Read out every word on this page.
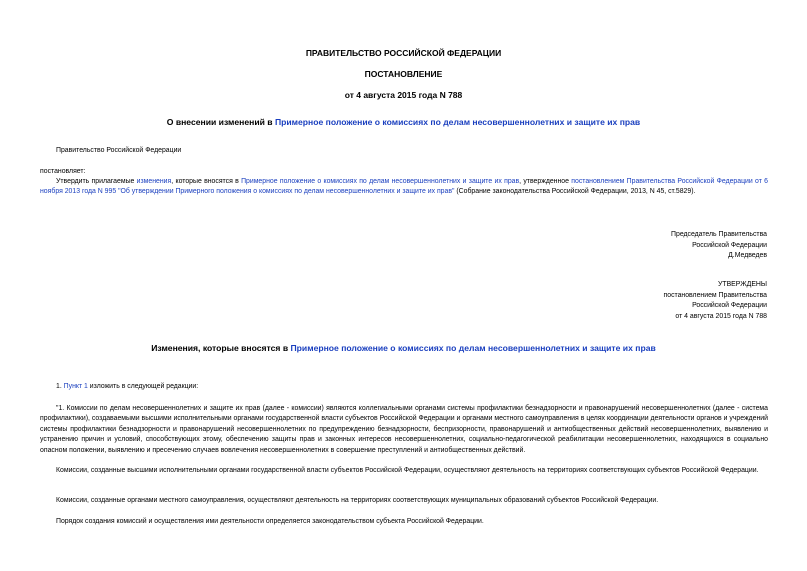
ПРАВИТЕЛЬСТВО РОССИЙСКОЙ ФЕДЕРАЦИИ
ПОСТАНОВЛЕНИЕ
от 4 августа 2015 года N 788
О внесении изменений в Примерное положение о комиссиях по делам несовершеннолетних и защите их прав
Правительство Российской Федерации
постановляет:
Утвердить прилагаемые изменения, которые вносятся в Примерное положение о комиссиях по делам несовершеннолетних и защите их прав, утвержденное постановлением Правительства Российской Федерации от 6 ноября 2013 года N 995 "Об утверждении Примерного положения о комиссиях по делам несовершеннолетних и защите их прав" (Собрание законодательства Российской Федерации, 2013, N 45, ст.5829).
Председатель Правительства
Российской Федерации
Д.Медведев
УТВЕРЖДЕНЫ
постановлением Правительства
Российской Федерации
от 4 августа 2015 года N 788
Изменения, которые вносятся в Примерное положение о комиссиях по делам несовершеннолетних и защите их прав
1. Пункт 1 изложить в следующей редакции:
"1. Комиссии по делам несовершеннолетних и защите их прав (далее - комиссии) являются коллегиальными органами системы профилактики безнадзорности и правонарушений несовершеннолетних (далее - система профилактики), создаваемыми высшими исполнительными органами государственной власти субъектов Российской Федерации и органами местного самоуправления в целях координации деятельности органов и учреждений системы профилактики безнадзорности и правонарушений несовершеннолетних по предупреждению безнадзорности, беспризорности, правонарушений и антиобщественных действий несовершеннолетних, выявлению и устранению причин и условий, способствующих этому, обеспечению защиты прав и законных интересов несовершеннолетних, социально-педагогической реабилитации несовершеннолетних, находящихся в социально опасном положении, выявлению и пресечению случаев вовлечения несовершеннолетних в совершение преступлений и антиобщественных действий.
Комиссии, созданные высшими исполнительными органами государственной власти субъектов Российской Федерации, осуществляют деятельность на территориях соответствующих субъектов Российской Федерации.
Комиссии, созданные органами местного самоуправления, осуществляют деятельность на территориях соответствующих муниципальных образований субъектов Российской Федерации.
Порядок создания комиссий и осуществления ими деятельности определяется законодательством субъекта Российской Федерации.
